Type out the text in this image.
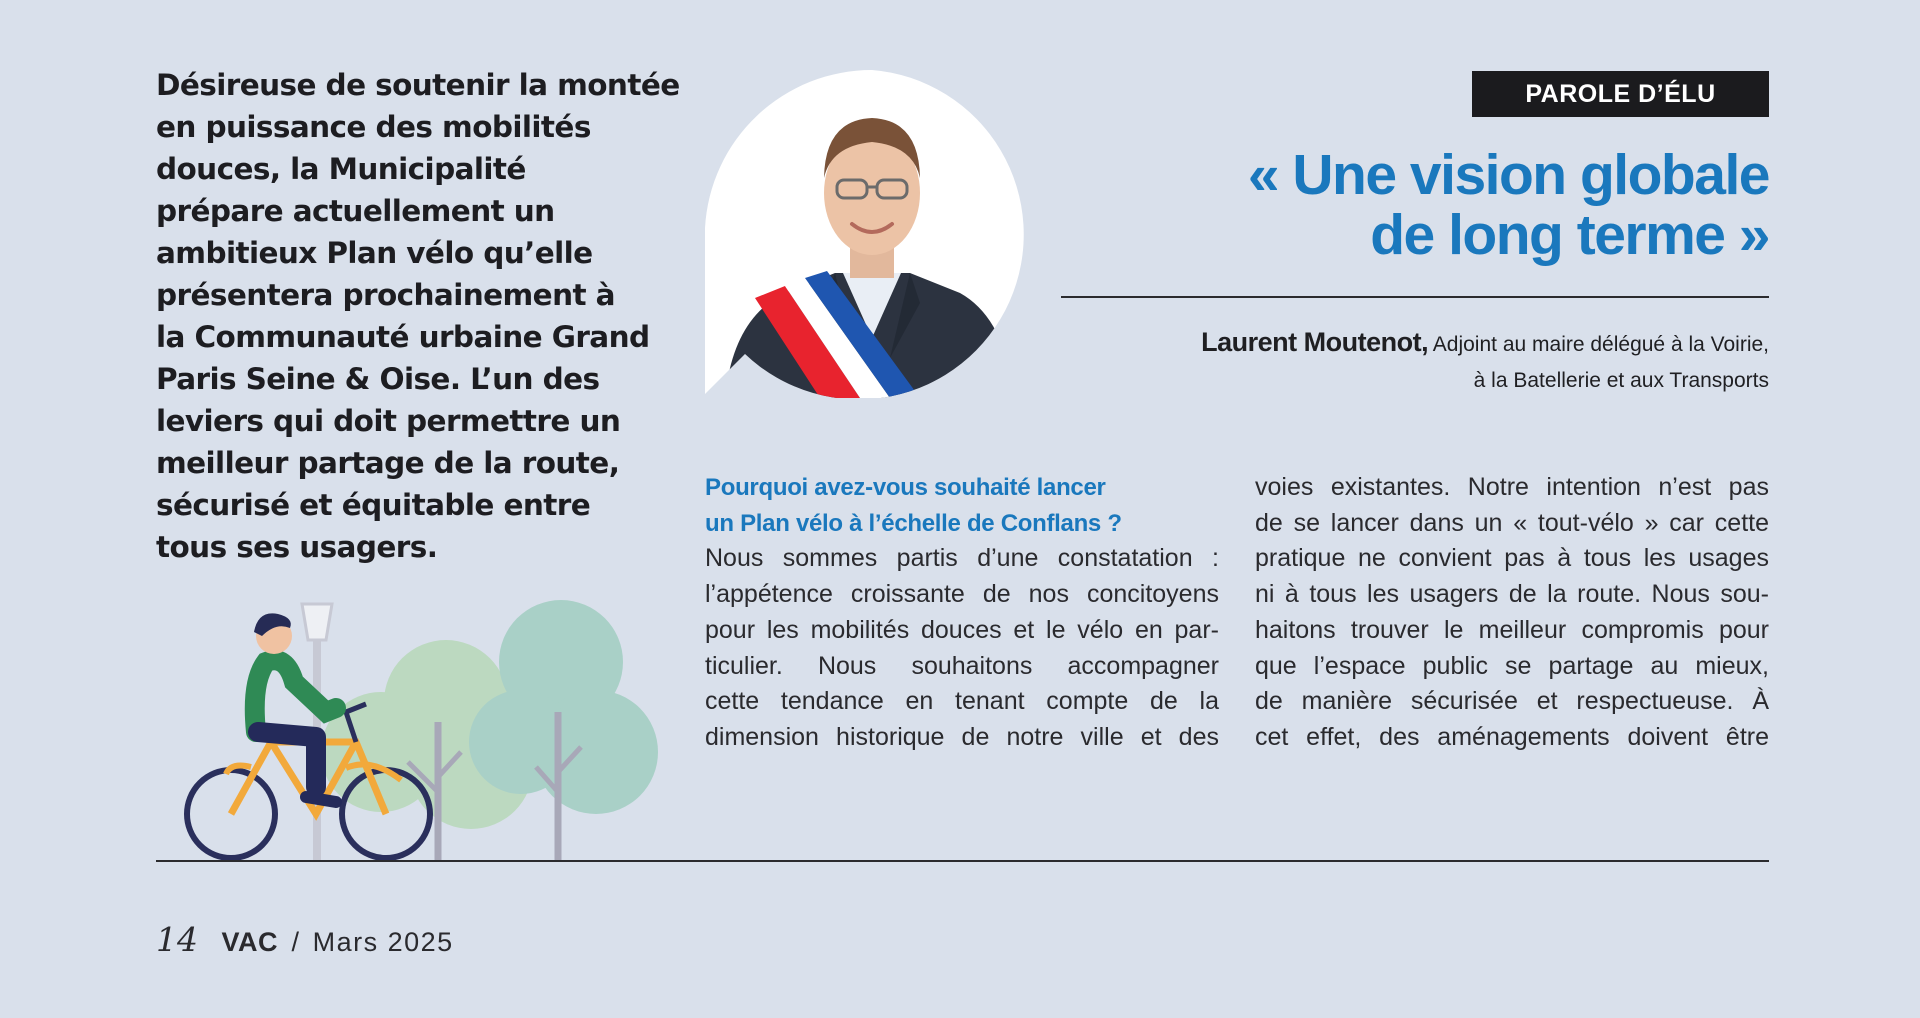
Désireuse de soutenir la montée
en puissance des mobilités
douces, la Municipalité
prépare actuellement un
ambitieux Plan vélo qu’elle
présentera prochainement à
la Communauté urbaine Grand
Paris Seine & Oise. L’un des
leviers qui doit permettre un
meilleur partage de la route,
sécurisé et équitable entre
tous ses usagers.
PAROLE D’ÉLU
« Une vision globale
de long terme »
Laurent Moutenot, Adjoint au maire délégué à la Voirie,
à la Batellerie et aux Transports
Pourquoi avez-vous souhaité lancer
un Plan vélo à l’échelle de Conflans ?
Nous sommes partis d’une constatation :
l’appétence croissante de nos concitoyens
pour les mobilités douces et le vélo en par-
ticulier. Nous souhaitons accompagner
cette tendance en tenant compte de la
dimension historique de notre ville et des
voies existantes. Notre intention n’est pas
de se lancer dans un « tout-vélo » car cette
pratique ne convient pas à tous les usages
ni à tous les usagers de la route. Nous sou-
haitons trouver le meilleur compromis pour
que l’espace public se partage au mieux,
de manière sécurisée et respectueuse. À
cet effet, des aménagements doivent être
14 VAC / Mars 2025
